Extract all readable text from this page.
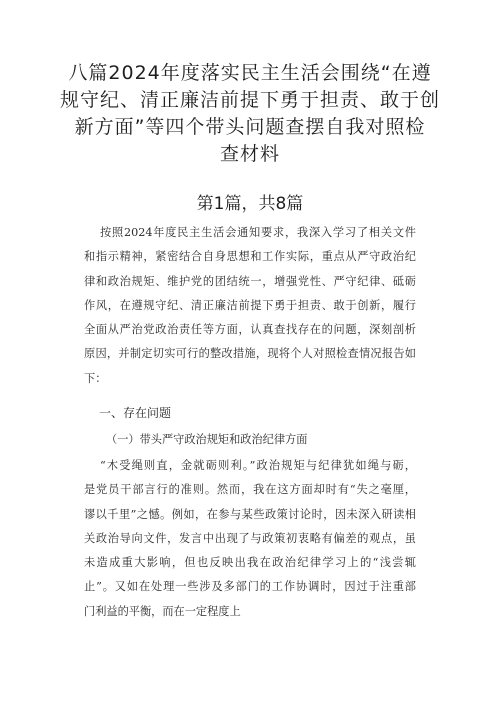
八篇2024年度落实民主生活会围绕“在遵
规守纪、清正廉洁前提下勇于担责、敢于创
新方面”等四个带头问题查摆自我对照检
查材料
第1篇，共8篇
按照2024年度民主生活会通知要求，我深入学习了相关文件
和指示精神，紧密结合自身思想和工作实际，重点从严守政治纪
律和政治规矩、维护党的团结统一，增强党性、严守纪律、砥砺
作风，在遵规守纪、清正廉洁前提下勇于担责、敢于创新，履行
全面从严治党政治责任等方面，认真查找存在的问题，深刻剖析
原因，并制定切实可行的整改措施，现将个人对照检查情况报告如
下：
一、存在问题
（一）带头严守政治规矩和政治纪律方面
“木受绳则直，金就砺则利。”政治规矩与纪律犹如绳与砺，
是党员干部言行的准则。然而，我在这方面却时有“失之毫厘，
谬以千里”之憾。例如，在参与某些政策讨论时，因未深入研读相
关政治导向文件，发言中出现了与政策初衷略有偏差的观点，虽
未造成重大影响，但也反映出我在政治纪律学习上的“浅尝辄
止”。又如在处理一些涉及多部门的工作协调时，因过于注重部
门利益的平衡，而在一定程度上
